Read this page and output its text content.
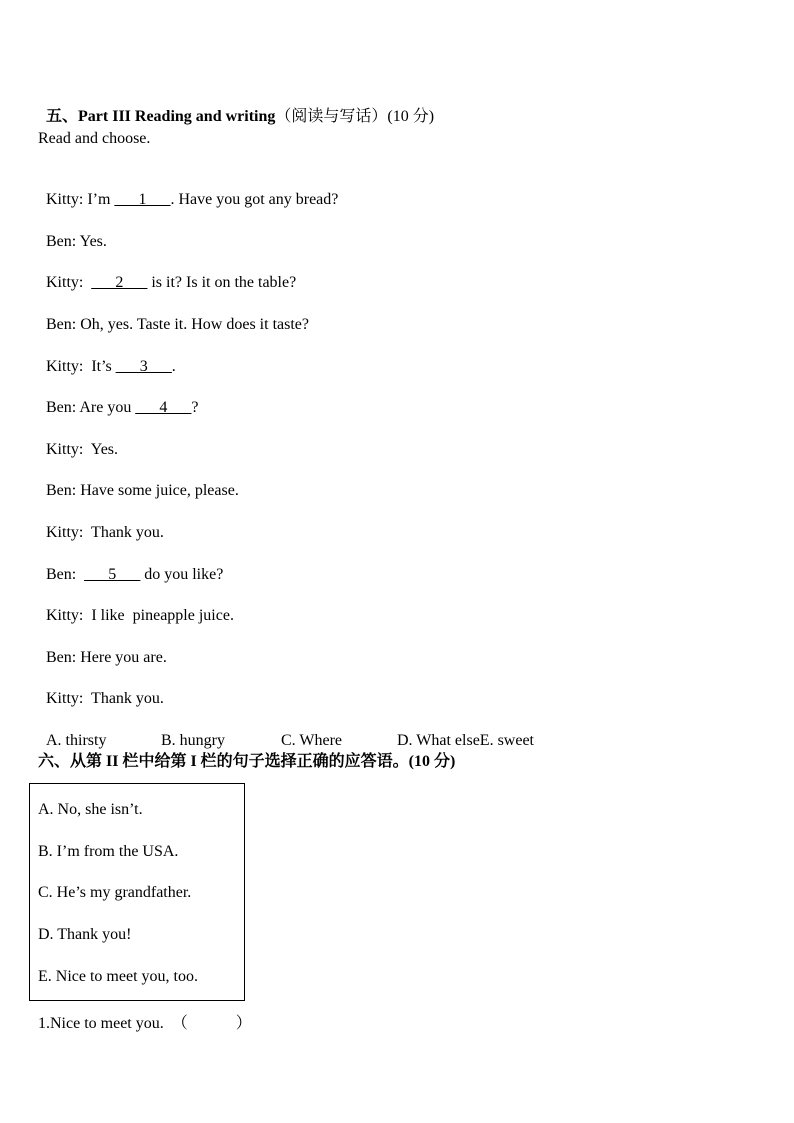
五、Part III Reading and writing（阅读与写话）(10 分)

Read and choose.

Kitty: I’m ___1___. Have you got any bread?

Ben: Yes.

Kitty:  ___2___ is it? Is it on the table?

Ben: Oh, yes. Taste it. How does it taste?

Kitty:  It’s ___3___.

Ben: Are you ___4___?

Kitty:  Yes.

Ben: Have some juice, please.

Kitty:  Thank you.

Ben:  ___5___ do you like?

Kitty:  I like  pineapple juice.

Ben: Here you are.

Kitty:  Thank you.

A. thirsty	B. hungry	C. Where	D. What elseE. sweet

六、从第 II 栏中给第 I 栏的句子选择正确的应答语。(10 分)
A. No, she isn’t.
B. I’m from the USA.
C. He’s my grandfather.
D. Thank you!
E. Nice to meet you, too.
1.Nice to meet you.  （            ）
